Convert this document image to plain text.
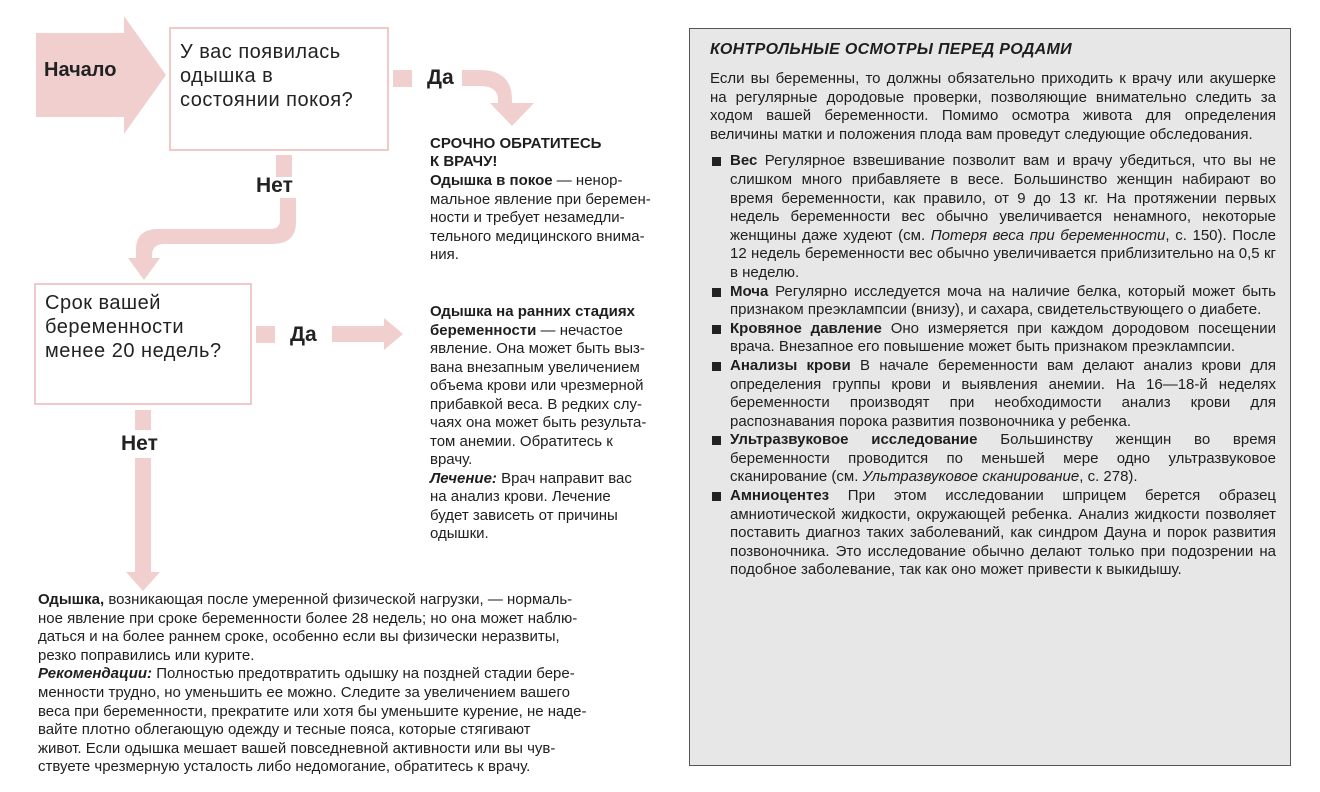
Начало
У вас появилась
одышка в
состоянии покоя?
Да
Нет
Срок вашей
беременности
менее 20 недель?
Да
Нет
СРОЧНО ОБРАТИТЕСЬ
К ВРАЧУ!
Одышка в покое — ненор-
мальное явление при беремен-
ности и требует незамедли-
тельного медицинского внима-
ния.
Одышка на ранних стадиях
беременности — нечастое
явление. Она может быть выз-
вана внезапным увеличением
объема крови или чрезмерной
прибавкой веса. В редких слу-
чаях она может быть результа-
том анемии. Обратитесь к
врачу.
Лечение: Врач направит вас
на анализ крови. Лечение
будет зависеть от причины
одышки.
Одышка, возникающая после умеренной физической нагрузки, — нормаль-
ное явление при сроке беременности более 28 недель; но она может наблю-
даться и на более раннем сроке, особенно если вы физически неразвиты,
резко поправились или курите.
Рекомендации: Полностью предотвратить одышку на поздней стадии бере-
менности трудно, но уменьшить ее можно. Следите за увеличением вашего
веса при беременности, прекратите или хотя бы уменьшите курение, не наде-
вайте плотно облегающую одежду и тесные пояса, которые стягивают
живот. Если одышка мешает вашей повседневной активности или вы чув-
ствуете чрезмерную усталость либо недомогание, обратитесь к врачу.
КОНТРОЛЬНЫЕ ОСМОТРЫ ПЕРЕД РОДАМИ

Если вы беременны, то должны обязательно приходить к врачу или акушерке на регулярные дородовые проверки, позволяющие внимательно следить за ходом вашей беременности. Помимо осмотра живота для определения величины матки и положения плода вам проведут следующие обследования.

Вес Регулярное взвешивание позволит вам и врачу убедиться, что вы не слишком много прибавляете в весе. Большинство женщин набирают во время беременности, как правило, от 9 до 13 кг. На протяжении первых недель беременности вес обычно увеличивается ненамного, некоторые женщины даже худеют (см. Потеря веса при беременности, с. 150). После 12 недель беременности вес обычно увеличивается приблизительно на 0,5 кг в неделю.
Моча Регулярно исследуется моча на наличие белка, который может быть признаком преэклампсии (внизу), и сахара, свидетельствующего о диабете.
Кровяное давление Оно измеряется при каждом дородовом посещении врача. Внезапное его повышение может быть признаком преэклампсии.
Анализы крови В начале беременности вам делают анализ крови для определения группы крови и выявления анемии. На 16—18-й неделях беременности производят при необходимости анализ крови для распознавания порока развития позвоночника у ребенка.
Ультразвуковое исследование Большинству женщин во время беременности проводится по меньшей мере одно ультразвуковое сканирование (см. Ультразвуковое сканирование, с. 278).
Амниоцентез При этом исследовании шприцем берется образец амниотической жидкости, окружающей ребенка. Анализ жидкости позволяет поставить диагноз таких заболеваний, как синдром Дауна и порок развития позвоночника. Это исследование обычно делают только при подозрении на подобное заболевание, так как оно может привести к выкидышу.
